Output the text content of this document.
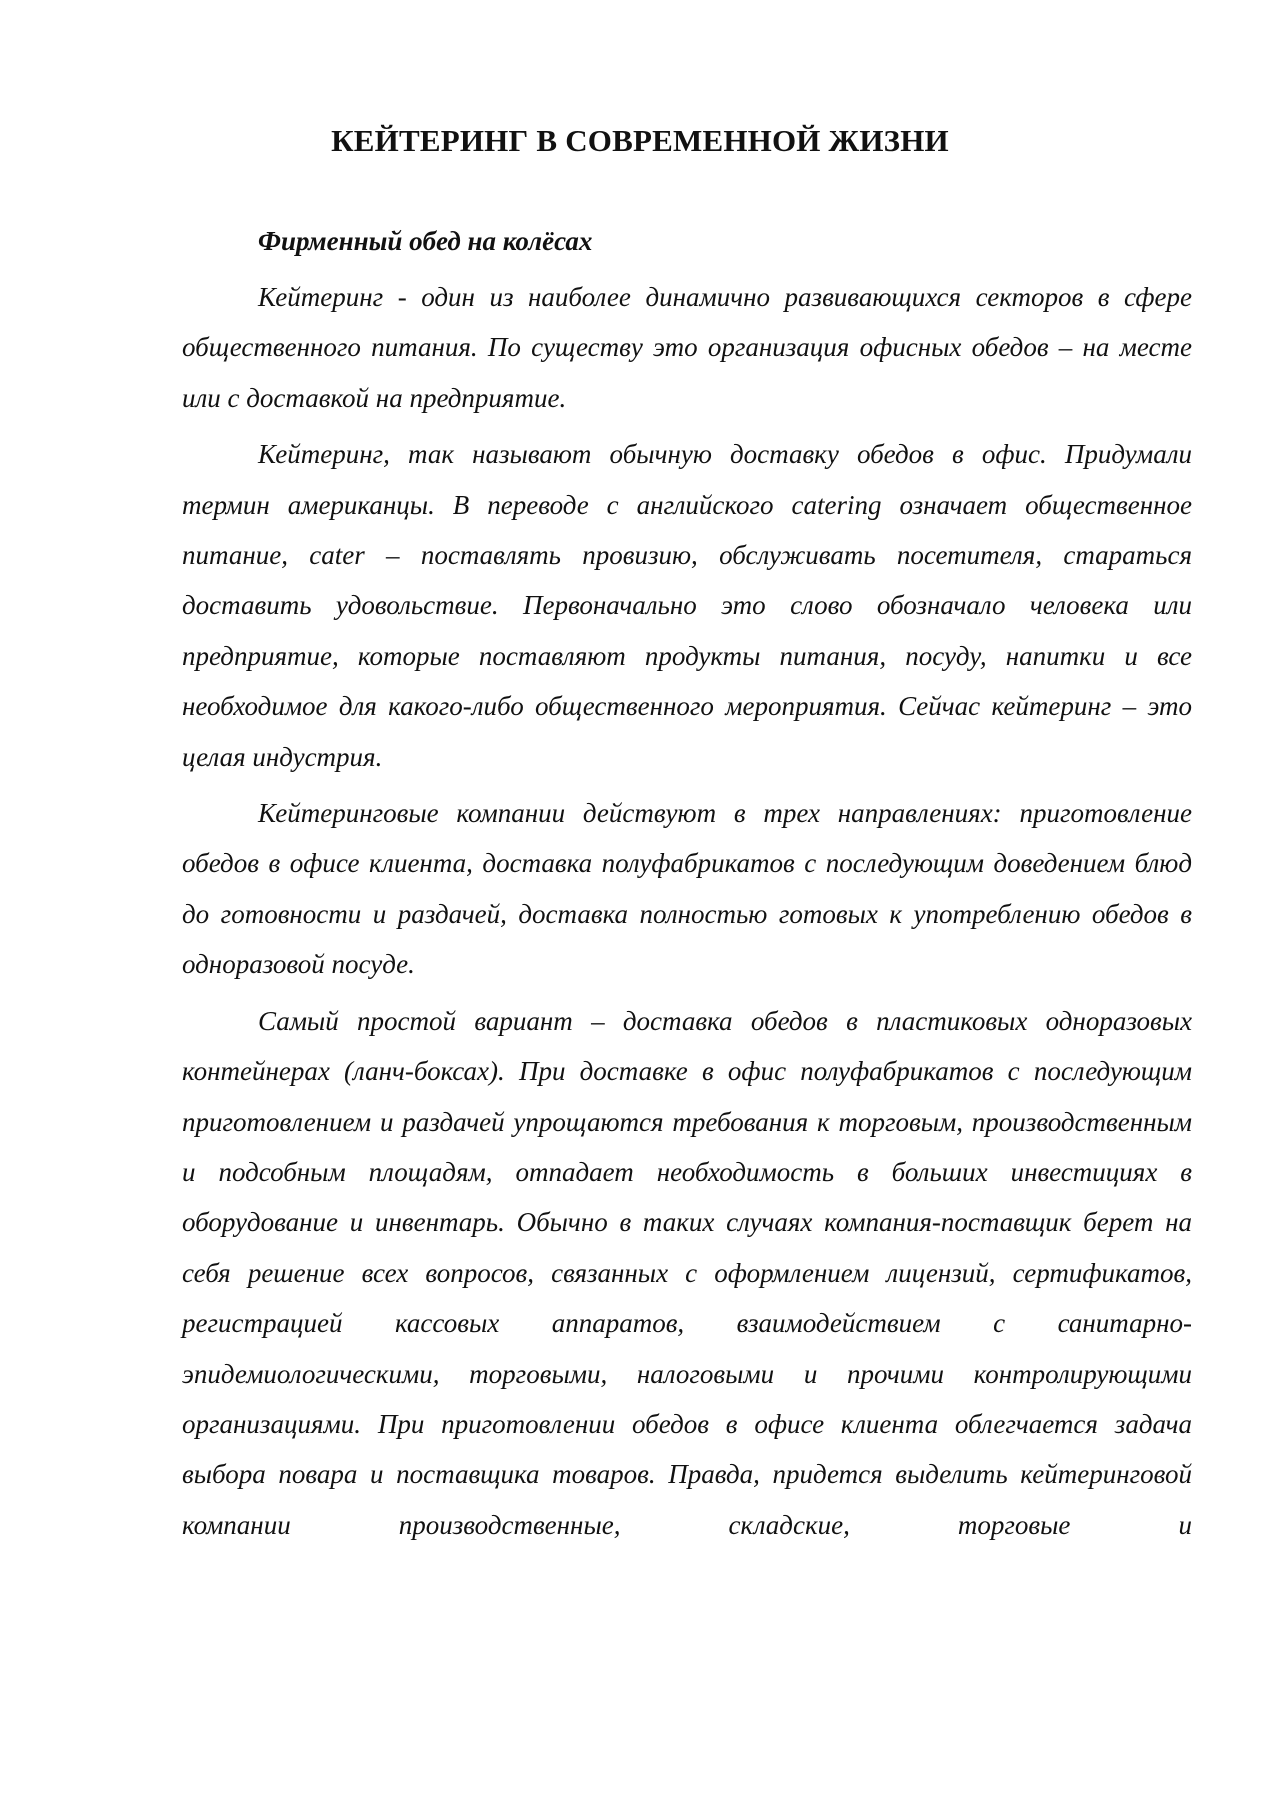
КЕЙТЕРИНГ В СОВРЕМЕННОЙ ЖИЗНИ

Фирменный обед на колёсах

Кейтеринг - один из наиболее динамично развивающихся секторов в сфере общественного питания. По существу это организация офисных обедов – на месте или с доставкой на предприятие.

Кейтеринг, так называют обычную доставку обедов в офис. Придумали термин американцы. В переводе с английского catering означает общественное питание, cater – поставлять провизию, обслуживать посетителя, стараться доставить удовольствие. Первоначально это слово обозначало человека или предприятие, которые поставляют продукты питания, посуду, напитки и все необходимое для какого-либо общественного мероприятия. Сейчас кейтеринг – это целая индустрия.

Кейтеринговые компании действуют в трех направлениях: приготовление обедов в офисе клиента, доставка полуфабрикатов с последующим доведением блюд до готовности и раздачей, доставка полностью готовых к употреблению обедов в одноразовой посуде.

Самый простой вариант – доставка обедов в пластиковых одноразовых контейнерах (ланч-боксах). При доставке в офис полуфабрикатов с последующим приготовлением и раздачей упрощаются требования к торговым, производственным и подсобным площадям, отпадает необходимость в больших инвестициях в оборудование и инвентарь. Обычно в таких случаях компания-поставщик берет на себя решение всех вопросов, связанных с оформлением лицензий, сертификатов, регистрацией кассовых аппаратов, взаимодействием с санитарно-эпидемиологическими, торговыми, налоговыми и прочими контролирующими организациями. При приготовлении обедов в офисе клиента облегчается задача выбора повара и поставщика товаров. Правда, придется выделить кейтеринговой компании производственные, складские, торговые и
